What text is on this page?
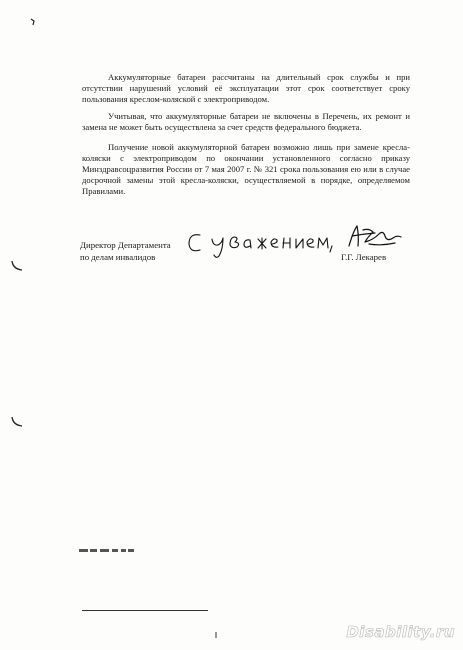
Аккумуляторные батареи рассчитаны на длительный срок службы и при отсутствии нарушений условий её эксплуатации этот срок соответствует сроку пользования креслом-коляской с электроприводом.

Учитывая, что аккумуляторные батареи не включены в Перечень, их ремонт и замена не может быть осуществлена за счет средств федерального бюджета.

Получение новой аккумуляторной батареи возможно лишь при замене кресла-коляски с электроприводом по окончании установленного согласно приказу Минздравсоцразвития России от 7 мая 2007 г. № 321 срока пользования ею или в случае досрочной замены этой кресла-коляски, осуществляемой в порядке, определяемом Правилами.

Директор Департамента
по делам инвалидов	Г.Г. Лекарев
Disability.ru
